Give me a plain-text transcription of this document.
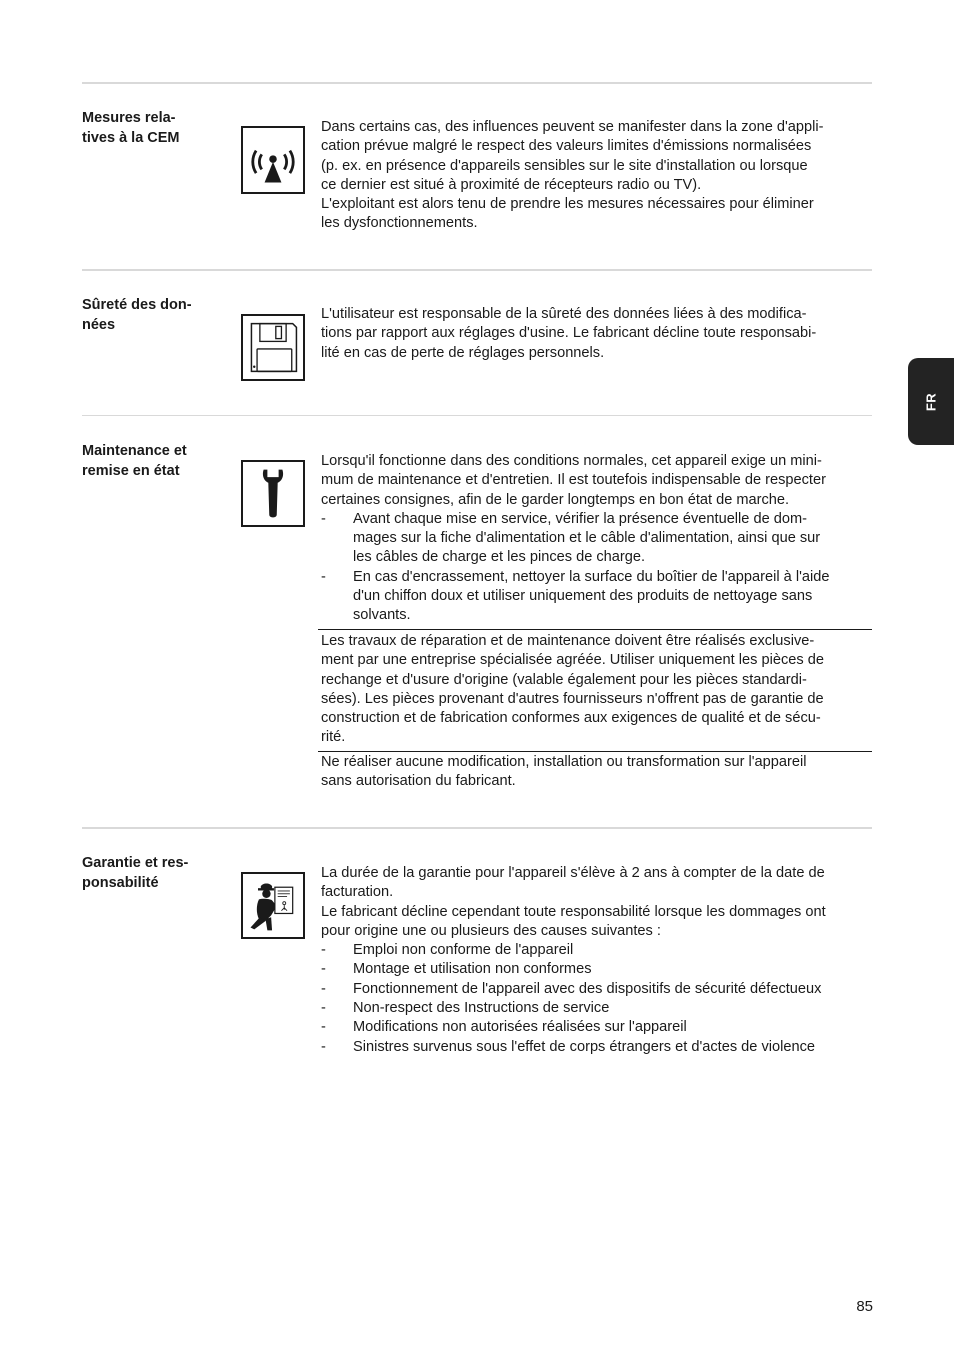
FR
Mesures rela-
tives à la CEM
Dans certains cas, des influences peuvent se manifester dans la zone d'appli-
cation prévue malgré le respect des valeurs limites d'émissions normalisées
(p. ex. en présence d'appareils sensibles sur le site d'installation ou lorsque
ce dernier est situé à proximité de récepteurs radio ou TV).
L'exploitant est alors tenu de prendre les mesures nécessaires pour éliminer
les dysfonctionnements.
Sûreté des don-
nées
L'utilisateur est responsable de la sûreté des données liées à des modifica-
tions par rapport aux réglages d'usine. Le fabricant décline toute responsabi-
lité en cas de perte de réglages personnels.
Maintenance et
remise en état
Lorsqu'il fonctionne dans des conditions normales, cet appareil exige un mini-
mum de maintenance et d'entretien. Il est toutefois indispensable de respecter
certaines consignes, afin de le garder longtemps en bon état de marche.
- Avant chaque mise en service, vérifier la présence éventuelle de dom-
mages sur la fiche d'alimentation et le câble d'alimentation, ainsi que sur
les câbles de charge et les pinces de charge.
- En cas d'encrassement, nettoyer la surface du boîtier de l'appareil à l'aide
d'un chiffon doux et utiliser uniquement des produits de nettoyage sans
solvants.
Les travaux de réparation et de maintenance doivent être réalisés exclusive-
ment par une entreprise spécialisée agréée. Utiliser uniquement les pièces de
rechange et d'usure d'origine (valable également pour les pièces standardi-
sées). Les pièces provenant d'autres fournisseurs n'offrent pas de garantie de
construction et de fabrication conformes aux exigences de qualité et de sécu-
rité.
Ne réaliser aucune modification, installation ou transformation sur l'appareil
sans autorisation du fabricant.
Garantie et res-
ponsabilité
La durée de la garantie pour l'appareil s'élève à 2 ans à compter de la date de
facturation.
Le fabricant décline cependant toute responsabilité lorsque les dommages ont
pour origine une ou plusieurs des causes suivantes :
- Emploi non conforme de l'appareil
- Montage et utilisation non conformes
- Fonctionnement de l'appareil avec des dispositifs de sécurité défectueux
- Non-respect des Instructions de service
- Modifications non autorisées réalisées sur l'appareil
- Sinistres survenus sous l'effet de corps étrangers et d'actes de violence
85
